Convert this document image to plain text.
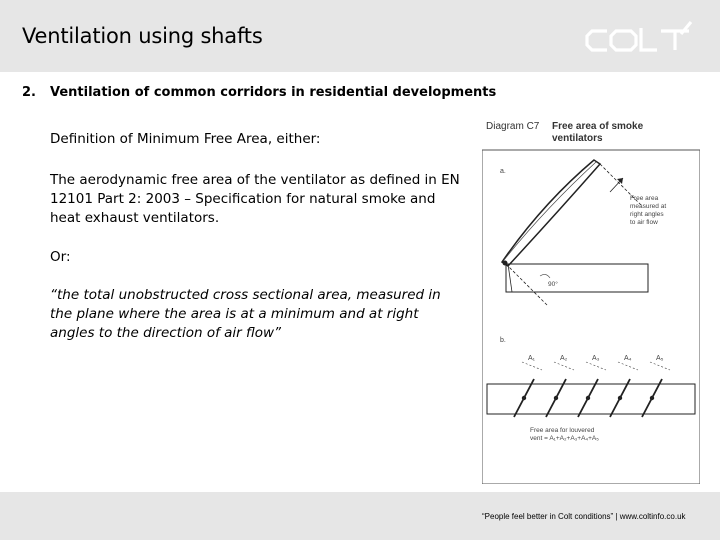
Ventilation using shafts
2. Ventilation of common corridors in residential developments
Definition of Minimum Free Area, either:
The aerodynamic free area of the ventilator as defined in EN 12101 Part 2: 2003 – Specification for natural smoke and heat exhaust ventilators.
Or:
“the total unobstructed cross sectional area, measured in the plane where the area is at a minimum and at right angles to the direction of air flow”
Diagram C7 Free area of smoke
ventilators
a.
Free area
measured at
right angles
to air flow
90°
b.
A₁	A₂	A₃	A₄	A₅
Free area for louvered
vent = A₁+A₂+A₃+A₄+A₅
“People feel better in Colt conditions” | www.coltinfo.co.uk
